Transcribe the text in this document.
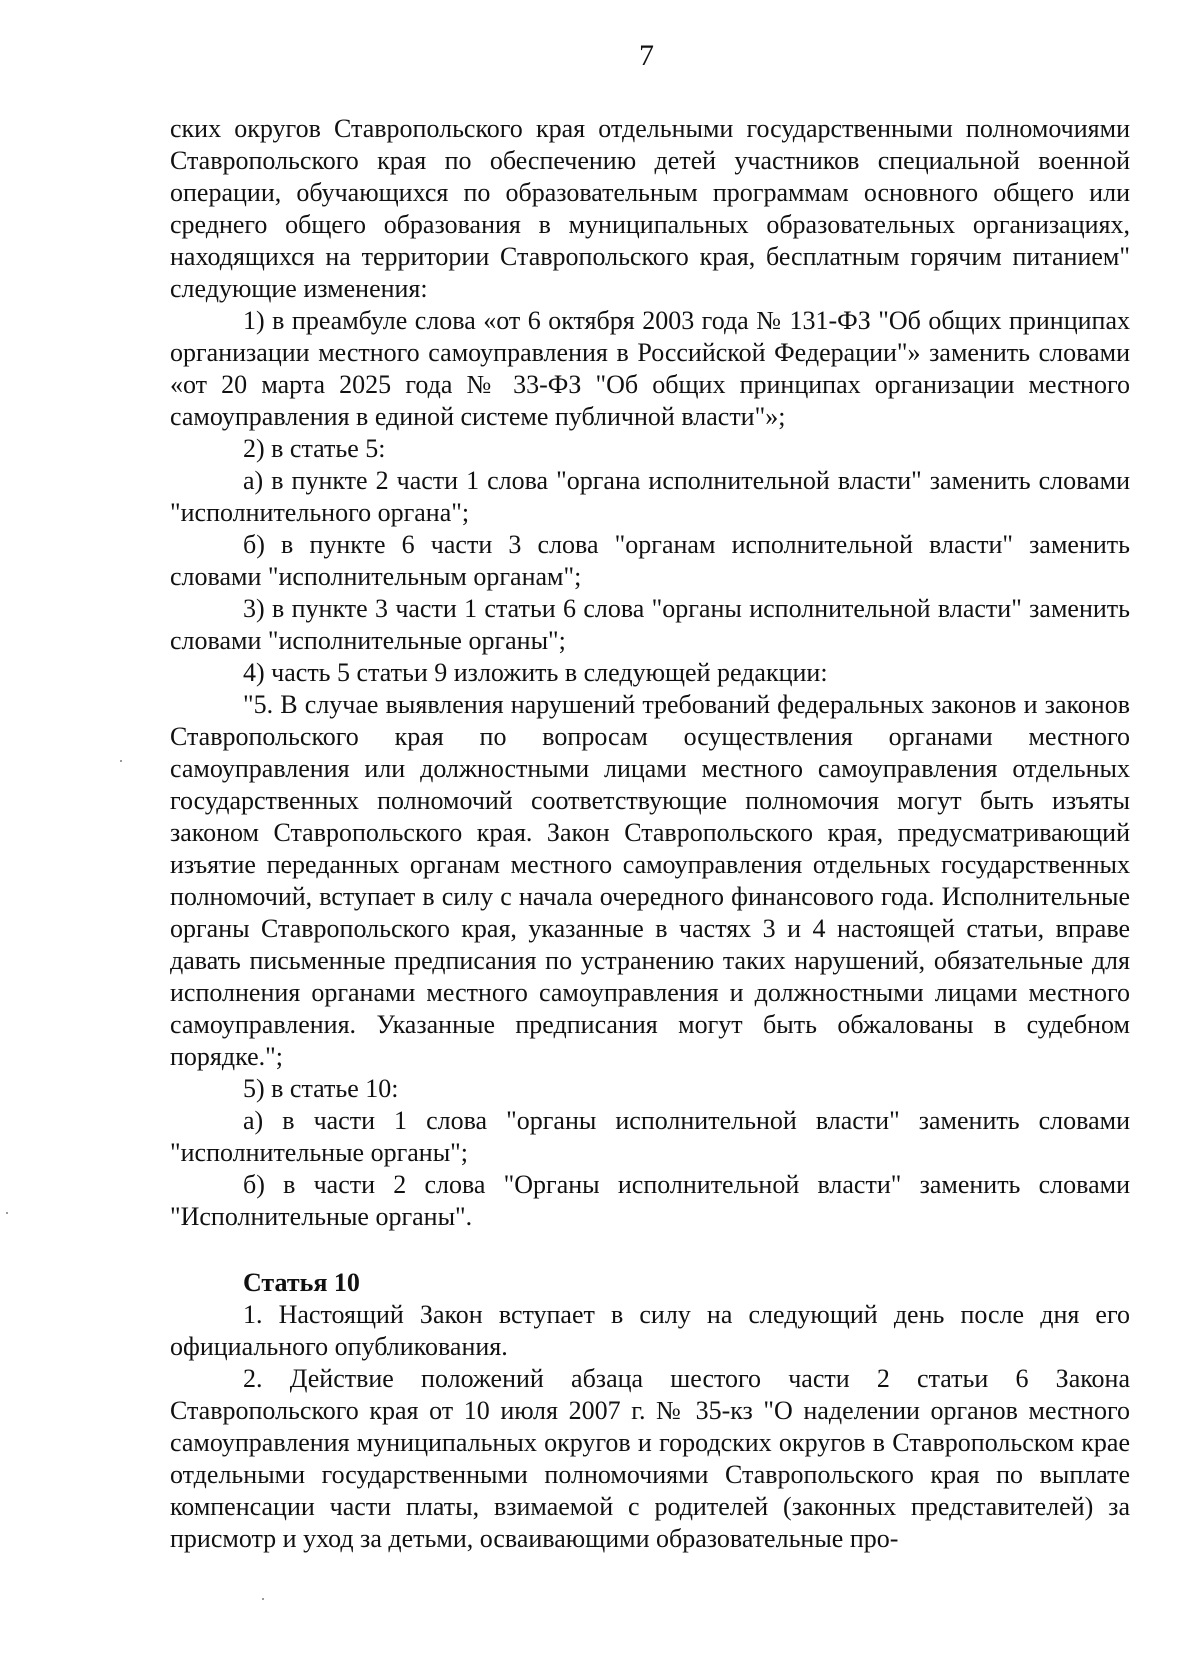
7

ских округов Ставропольского края отдельными государственными полномочиями Ставропольского края по обеспечению детей участников специальной военной операции, обучающихся по образовательным программам основного общего или среднего общего образования в муниципальных образовательных организациях, находящихся на территории Ставропольского края, бесплатным горячим питанием" следующие изменения:

1) в преамбуле слова «от 6 октября 2003 года № 131-ФЗ "Об общих принципах организации местного самоуправления в Российской Федерации"» заменить словами «от 20 марта 2025 года № 33-ФЗ "Об общих принципах организации местного самоуправления в единой системе публичной власти"»;

2) в статье 5:

а) в пункте 2 части 1 слова "органа исполнительной власти" заменить словами "исполнительного органа";

б) в пункте 6 части 3 слова "органам исполнительной власти" заменить словами "исполнительным органам";

3) в пункте 3 части 1 статьи 6 слова "органы исполнительной власти" заменить словами "исполнительные органы";

4) часть 5 статьи 9 изложить в следующей редакции:

"5. В случае выявления нарушений требований федеральных законов и законов Ставропольского края по вопросам осуществления органами местного самоуправления или должностными лицами местного самоуправления отдельных государственных полномочий соответствующие полномочия могут быть изъяты законом Ставропольского края. Закон Ставропольского края, предусматривающий изъятие переданных органам местного самоуправления отдельных государственных полномочий, вступает в силу с начала очередного финансового года. Исполнительные органы Ставропольского края, указанные в частях 3 и 4 настоящей статьи, вправе давать письменные предписания по устранению таких нарушений, обязательные для исполнения органами местного самоуправления и должностными лицами местного самоуправления. Указанные предписания могут быть обжалованы в судебном порядке.";

5) в статье 10:

а) в части 1 слова "органы исполнительной власти" заменить словами "исполнительные органы";

б) в части 2 слова "Органы исполнительной власти" заменить словами "Исполнительные органы".

Статья 10

1. Настоящий Закон вступает в силу на следующий день после дня его официального опубликования.

2. Действие положений абзаца шестого части 2 статьи 6 Закона Ставропольского края от 10 июля 2007 г. № 35-кз "О наделении органов местного самоуправления муниципальных округов и городских округов в Ставропольском крае отдельными государственными полномочиями Ставропольского края по выплате компенсации части платы, взимаемой с родителей (законных представителей) за присмотр и уход за детьми, осваивающими образовательные про-
